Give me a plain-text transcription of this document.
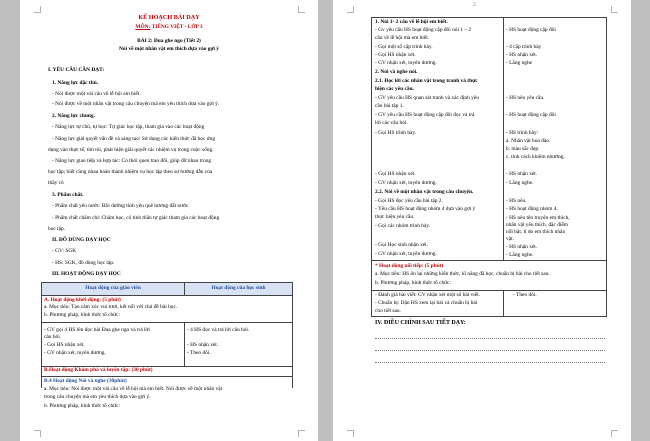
KẾ HOẠCH BÀI DẠY
MÔN: TIẾNG VIỆT - LỚP 3
BÀI 2: Đua ghe ngo (Tiết 2)
Nói về một nhân vật em thích dựa vào gợi ý
I. YÊU CẦU CẦN ĐẠT:
1. Năng lực đặc thù.
- Nói được một vài câu về lễ hội em biết.
- Nói được về một nhân vật trong câu chuyện mà em yêu thích dựa vào gợi ý.
2. Năng lực chung.
- Năng lực tự chủ, tự học: Tự giác học tập, tham gia vào các hoạt động
- Năng lực giải quyết vấn đề và sáng tạo: Sử dụng các kiến thức đã học ứng
dụng vào thực tế, tìm tòi, phát hiện giải quyết các nhiệm vụ trong cuộc sống.
- Năng lực giao tiếp và hợp tác: Có thói quen trao đổi, giúp đỡ nhau trong
học tập; biết cùng nhau hoàn thành nhiệm vụ học tập theo sự hướng dẫn của
thầy cô
3. Phẩm chất.
- Phẩm chất yêu nước: Bồi dưỡng tình yêu quê hương đất nước.
- Phẩm chất chăm chỉ: Chăm học, có tinh thần tự giác tham gia các hoạt động
học tập.
II. ĐỒ DÙNG DẠY HỌC
- GV: SGK
- HS: SGK, đồ dùng học tập.
III. HOẠT ĐỘNG DẠY HỌC
Hoạt động của giáo viên	Hoạt động của học sinh
A. Hoạt động khởi động: (5 phút)
a. Mục tiêu: Tạo cảm xúc vui tươi, kết nối với chủ đề bài học.
b. Phương pháp, hình thức tổ chức:
- GV gọi 4 HS lên đọc bài Đua ghe ngo và trả lời
câu hỏi.
- Gọi HS nhận xét.
- GV nhận xét, tuyên dương.
- 4 HS đọc và trả lời câu hỏi.
- HS nhận xét.
- Theo dõi.
B.Hoạt động Khám phá và luyện tập: (30 phút)
B.4 Hoạt động Nói và nghe (30phút)
a. Mục tiêu: Nói được một vài câu về lễ hội mà em biết. Nói được về một nhân vật
trong câu chuyện mà em yêu thích dựa vào gợi ý.
b. Phương pháp, hình thức tổ chức:
2
1. Nói 1- 2 câu về lễ hội em biết.
- Gv yêu cầu HS hoạt động cặp đôi nói 1 – 2
câu về lễ hội mà em biết.
- Gọi một số cặp trình bày.
- Gọi HS nhận xét.
- GV nhận xét, tuyên dương.
2. Nói và nghe nói.
2.1. Đọc lời các nhân vật trong tranh và thực
hiện các yêu cầu.
- GV yêu cầu HS quan sát tranh và xác định yêu
cầu bài tập 1.
- GV yêu cầu HS hoạt động cặp đôi đọc và trả
lời các câu hỏi.
- Gọi HS trình bày.
- Gọi HS nhận xét.
- GV nhận xét, tuyên dương.
2.2. Nói về một nhân vật trong câu chuyện.
- Gọi HS đọc yêu cầu bài tập 2.
- Yêu cầu HS hoạt động nhóm 4 dựa vào gợi ý
thực hiện yêu cầu.
- Gọi các nhóm trình bày.
- Gọi Học sinh nhận xét.
- GV nhận xét, tuyên dương.
- HS hoạt động cặp đôi
- 4 cặp trình bày
- HS nhận xét.
- Lắng nghe
- HS nêu yêu cầu.
- HS hoạt động cặp đôi
- HS trình bày:
a. Nhân vật hoa đào.
b. màu sắc đẹp.
c. tính cách khiêm nhường.
- HS nhận xét.
- Lắng nghe.
- HS nêu.
- HS hoạt động nhóm 4.
- HS nêu tên truyện em thích,
nhân vật yêu thích, đặc điểm
nổi bật, lí do em thích nhân
vật.
- HS nhận xét.
- Lắng nghe.
* Hoạt động nối tiếp: (5 phút)
a. Mục tiêu: HS ôn lại những kiến thức, kĩ năng đã học, chuẩn bị bài cho tiết sau.
b. Phương pháp, hình thức tổ chức:
- Đánh giá bài viết: GV nhận xét một số bài viết.
- Chuẩn bị: Dặn HS xem lại bài và chuẩn bị bài
cho tiết sau.
- Theo dõi.
IV. ĐIỀU CHỈNH SAU TIẾT DẠY:
